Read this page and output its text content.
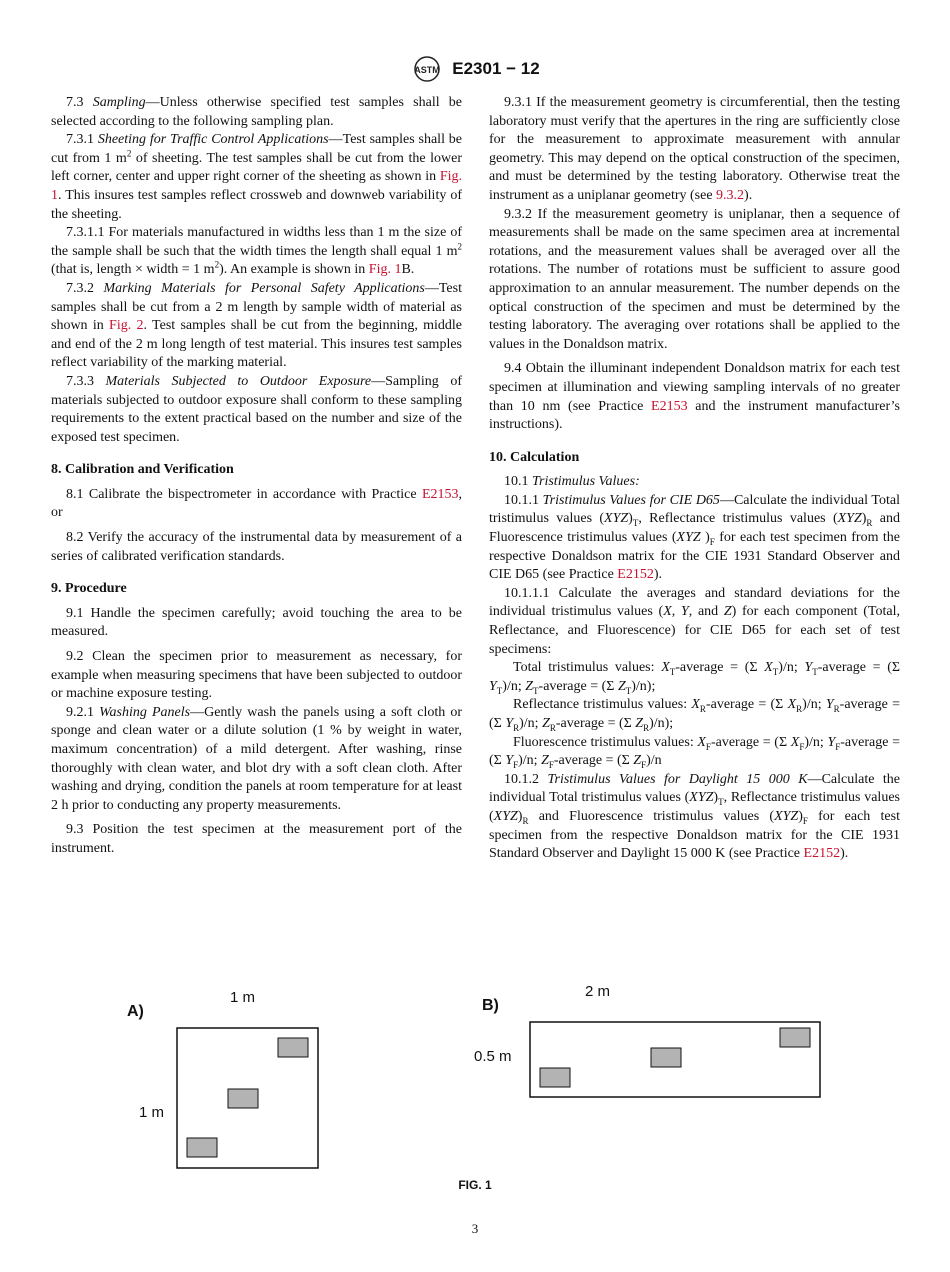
ASTM E2301 − 12

7.3 Sampling—Unless otherwise specified test samples shall be selected according to the following sampling plan.

7.3.1 Sheeting for Traffic Control Applications—Test samples shall be cut from 1 $m^2$ of sheeting. The test samples shall be cut from the lower left corner, center and upper right corner of the sheeting as shown in Fig. 1. This insures test samples reflect crossweb and downweb variability of the sheeting.

7.3.1.1 For materials manufactured in widths less than 1 m the size of the sample shall be such that the width times the length shall equal 1 $m^2$ (that is, length × width = 1 $m^2$). An example is shown in Fig. 1B.

7.3.2 Marking Materials for Personal Safety Applications—Test samples shall be cut from a 2 m length by sample width of material as shown in Fig. 2. Test samples shall be cut from the beginning, middle and end of the 2 m long length of test material. This insures test samples reflect variability of the marking material.

7.3.3 Materials Subjected to Outdoor Exposure—Sampling of materials subjected to outdoor exposure shall conform to these sampling requirements to the extent practical based on the number and size of the exposed test specimen.

8. Calibration and Verification

8.1 Calibrate the bispectrometer in accordance with Practice E2153, or

8.2 Verify the accuracy of the instrumental data by measurement of a series of calibrated verification standards.

9. Procedure

9.1 Handle the specimen carefully; avoid touching the area to be measured.

9.2 Clean the specimen prior to measurement as necessary, for example when measuring specimens that have been subjected to outdoor or machine exposure testing.

9.2.1 Washing Panels—Gently wash the panels using a soft cloth or sponge and clean water or a dilute solution (1 % by weight in water, maximum concentration) of a mild detergent. After washing, rinse thoroughly with clean water, and blot dry with a soft clean cloth. After washing and drying, condition the panels at room temperature for at least 2 h prior to conducting any property measurements.

9.3 Position the test specimen at the measurement port of the instrument.

9.3.1 If the measurement geometry is circumferential, then the testing laboratory must verify that the apertures in the ring are sufficiently close for the measurement to approximate measurement with annular geometry. This may depend on the optical construction of the specimen, and must be determined by the testing laboratory. Otherwise treat the instrument as a uniplanar geometry (see 9.3.2).

9.3.2 If the measurement geometry is uniplanar, then a sequence of measurements shall be made on the same specimen area at incremental rotations, and the measurement values shall be averaged over all the rotations. The number of rotations must be sufficient to assure good approximation to an annular measurement. The number depends on the optical construction of the specimen and must be determined by the testing laboratory. The averaging over rotations shall be applied to the values in the Donaldson matrix.

9.4 Obtain the illuminant independent Donaldson matrix for each test specimen at illumination and viewing sampling intervals of no greater than 10 nm (see Practice E2153 and the instrument manufacturer’s instructions).

10. Calculation

10.1 Tristimulus Values:

10.1.1 Tristimulus Values for CIE D65—Calculate the individual Total tristimulus values $(XYZ)_T$, Reflectance tristimulus values $(XYZ)_R$ and Fluorescence tristimulus values (XYZ )$_F$ for each test specimen from the respective Donaldson matrix for the CIE 1931 Standard Observer and CIE D65 (see Practice E2152).

10.1.1.1 Calculate the averages and standard deviations for the individual tristimulus values (X, Y, and Z) for each component (Total, Reflectance, and Fluorescence) for CIE D65 for each set of test specimens:

Total tristimulus values: $X_T$-average = (Σ $X_T)/n$; $Y_T$-average = (Σ $Y_T)/n$; $Z_T$-average = (Σ $Z_T)/n$);

Reflectance tristimulus values: $X_R$-average = (Σ $X_R)/n$; $Y_R$-average = (Σ $Y_R)/n$; $Z_R$-average = (Σ $Z_R)/n$);

Fluorescence tristimulus values: $X_F$-average = (Σ $X_F)/n$; $Y_F$-average = (Σ $Y_F)/n$; $Z_F$-average = (Σ $Z_F)/n$

10.1.2 Tristimulus Values for Daylight 15 000 K—Calculate the individual Total tristimulus values $(XYZ)_T$, Reflectance tristimulus values $(XYZ)_R$ and Fluorescence tristimulus values $(XYZ)_F$ for each test specimen from the respective Donaldson matrix for the CIE 1931 Standard Observer and Daylight 15 000 K (see Practice E2152).

A)
1 m
1 m
B)
2 m
0.5 m
FIG. 1
3
